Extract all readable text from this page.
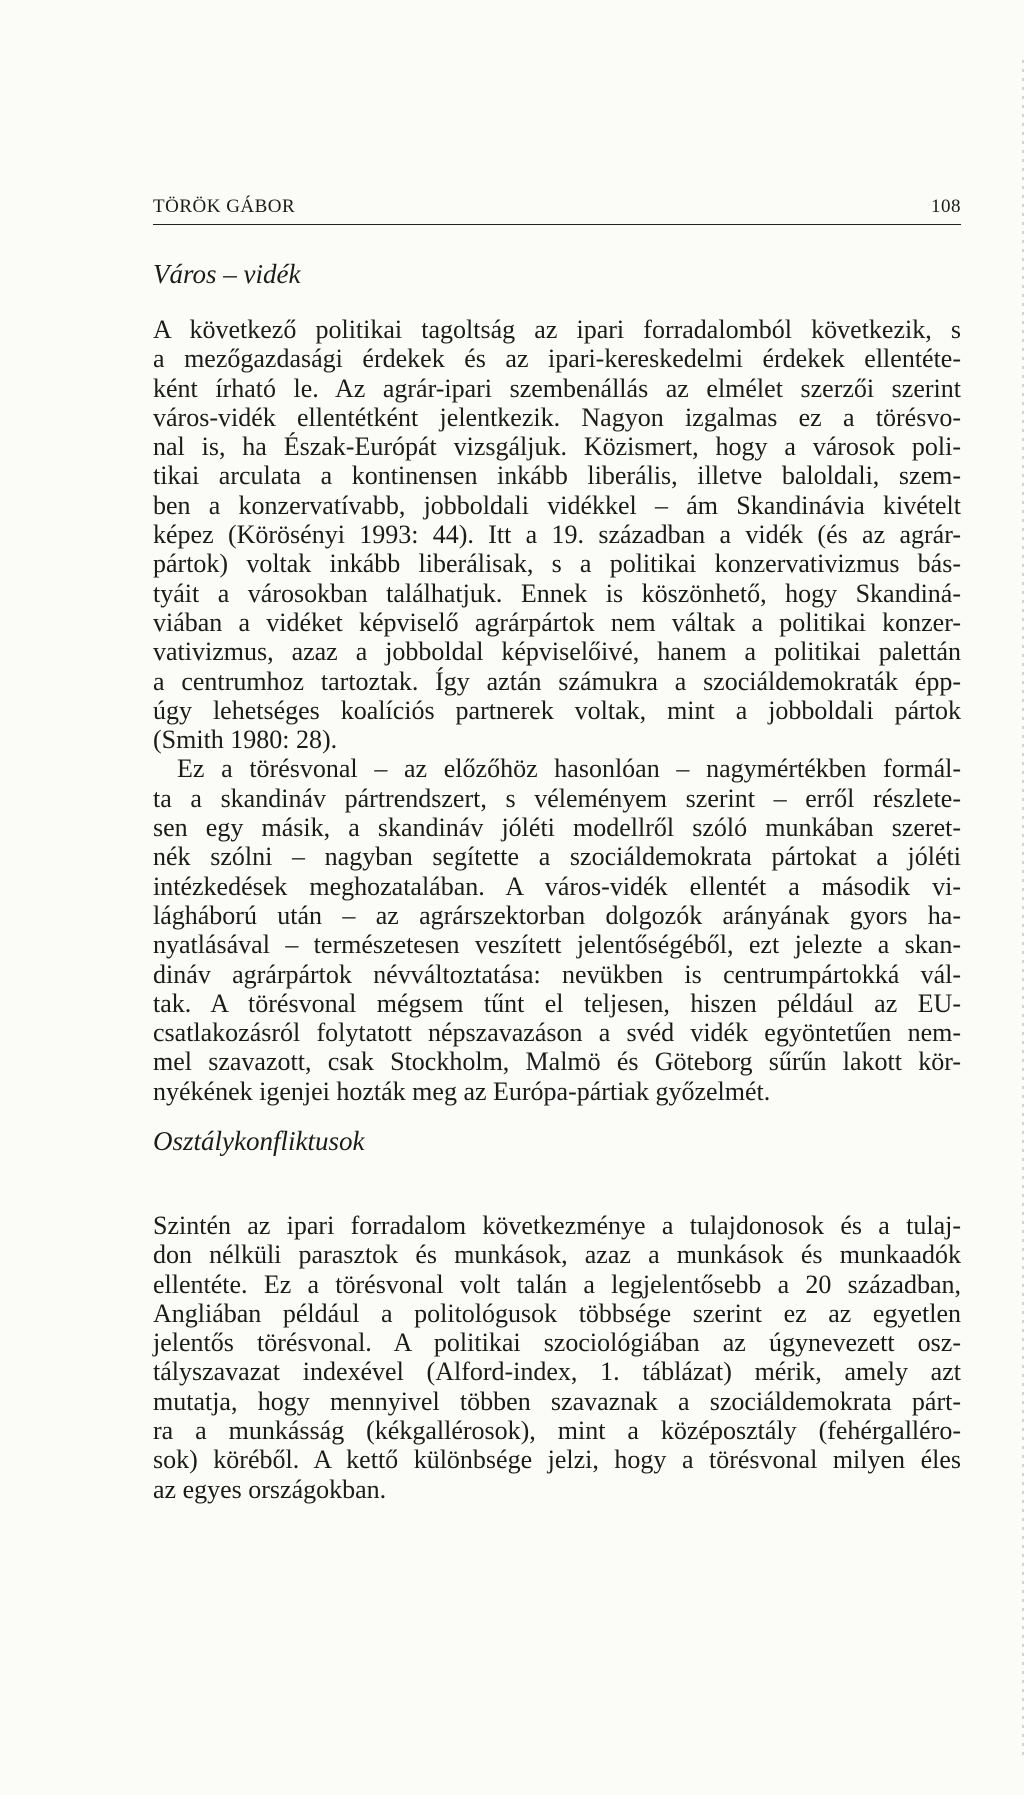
TÖRÖK GÁBOR	108
Város – vidék
A következő politikai tagoltság az ipari forradalomból következik, s
a mezőgazdasági érdekek és az ipari-kereskedelmi érdekek ellentéte-
ként írható le. Az agrár-ipari szembenállás az elmélet szerzői szerint
város-vidék ellentétként jelentkezik. Nagyon izgalmas ez a törésvo-
nal is, ha Észak-Európát vizsgáljuk. Közismert, hogy a városok poli-
tikai arculata a kontinensen inkább liberális, illetve baloldali, szem-
ben a konzervatívabb, jobboldali vidékkel – ám Skandinávia kivételt
képez (Körösényi 1993: 44). Itt a 19. században a vidék (és az agrár-
pártok) voltak inkább liberálisak, s a politikai konzervativizmus bás-
tyáit a városokban találhatjuk. Ennek is köszönhető, hogy Skandiná-
viában a vidéket képviselő agrárpártok nem váltak a politikai konzer-
vativizmus, azaz a jobboldal képviselőivé, hanem a politikai palettán
a centrumhoz tartoztak. Így aztán számukra a szociáldemokraták épp-
úgy lehetséges koalíciós partnerek voltak, mint a jobboldali pártok
(Smith 1980: 28).
Ez a törésvonal – az előzőhöz hasonlóan – nagymértékben formál-
ta a skandináv pártrendszert, s véleményem szerint – erről részlete-
sen egy másik, a skandináv jóléti modellről szóló munkában szeret-
nék szólni – nagyban segítette a szociáldemokrata pártokat a jóléti
intézkedések meghozatalában. A város-vidék ellentét a második vi-
lágháború után – az agrárszektorban dolgozók arányának gyors ha-
nyatlásával – természetesen veszített jelentőségéből, ezt jelezte a skan-
dináv agrárpártok névváltoztatása: nevükben is centrumpártokká vál-
tak. A törésvonal mégsem tűnt el teljesen, hiszen például az EU-
csatlakozásról folytatott népszavazáson a svéd vidék egyöntetűen nem-
mel szavazott, csak Stockholm, Malmö és Göteborg sűrűn lakott kör-
nyékének igenjei hozták meg az Európa-pártiak győzelmét.
Osztálykonfliktusok
Szintén az ipari forradalom következménye a tulajdonosok és a tulaj-
don nélküli parasztok és munkások, azaz a munkások és munkaadók
ellentéte. Ez a törésvonal volt talán a legjelentősebb a 20 században,
Angliában például a politológusok többsége szerint ez az egyetlen
jelentős törésvonal. A politikai szociológiában az úgynevezett osz-
tályszavazat indexével (Alford-index, 1. táblázat) mérik, amely azt
mutatja, hogy mennyivel többen szavaznak a szociáldemokrata párt-
ra a munkásság (kékgallérosok), mint a középosztály (fehérgalléro-
sok) köréből. A kettő különbsége jelzi, hogy a törésvonal milyen éles
az egyes országokban.
